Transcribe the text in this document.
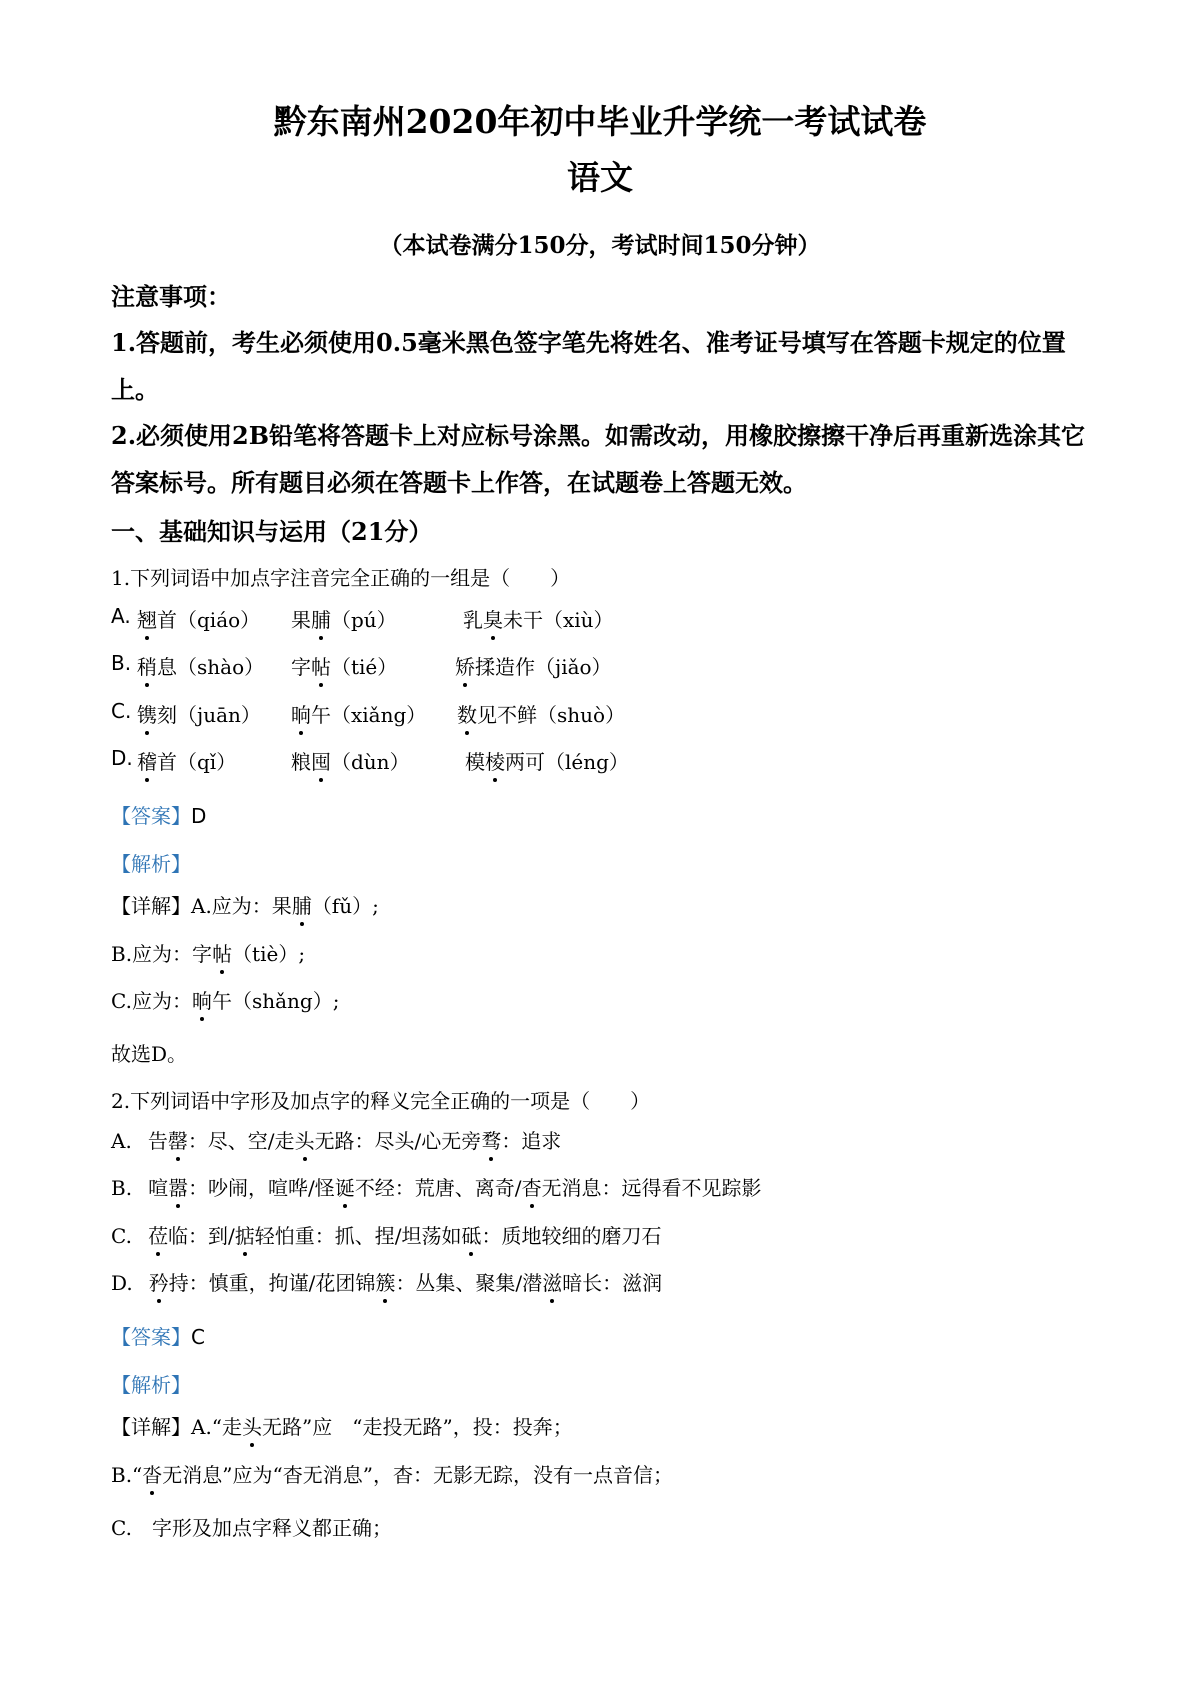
黔东南州2020年初中毕业升学统一考试试卷
语文
（本试卷满分150分，考试时间150分钟）
注意事项：
1.答题前，考生必须使用0.5毫米黑色签字笔先将姓名、准考证号填写在答题卡规定的位置
上。
2.必须使用2B铅笔将答题卡上对应标号涂黑。如需改动，用橡胶擦擦干净后再重新选涂其它
答案标号。所有题目必须在答题卡上作答，在试题卷上答题无效。
一、基础知识与运用（21分）
1.下列词语中加点字注音完全正确的一组是（　　）
A. 翘首（qiáo） 果脯（pú）	乳臭未干（xiù）
B. 稍息（shào） 字帖（tié）	矫揉造作（jiǎo）
C. 镌刻（juān） 晌午（xiǎng） 数见不鲜（shuò）
D. 稽首（qǐ）	粮囤（dùn）	模棱两可（léng）
【答案】D
【解析】
【详解】A.应为：果脯（fǔ）;
B.应为：字帖（tiè）;
C.应为：晌午（shǎng）;
故选D。
2.下列词语中字形及加点字的释义完全正确的一项是（　　）
A. 告罄：尽、空/走头无路：尽头/心无旁骛：追求
B. 喧嚣：吵闹，喧哗/怪诞不经：荒唐、离奇/杳无消息：远得看不见踪影
C. 莅临：到/掂轻怕重：抓、捏/坦荡如砥：质地较细的磨刀石
D. 矜持：慎重，拘谨/花团锦簇：丛集、聚集/潜滋暗长：滋润
【答案】C
【解析】
【详解】A.“走头无路”应　“走投无路”，投：投奔；
B.“沓无消息”应为“杳无消息”，杳：无影无踪，没有一点音信；
C.　字形及加点字释义都正确；
